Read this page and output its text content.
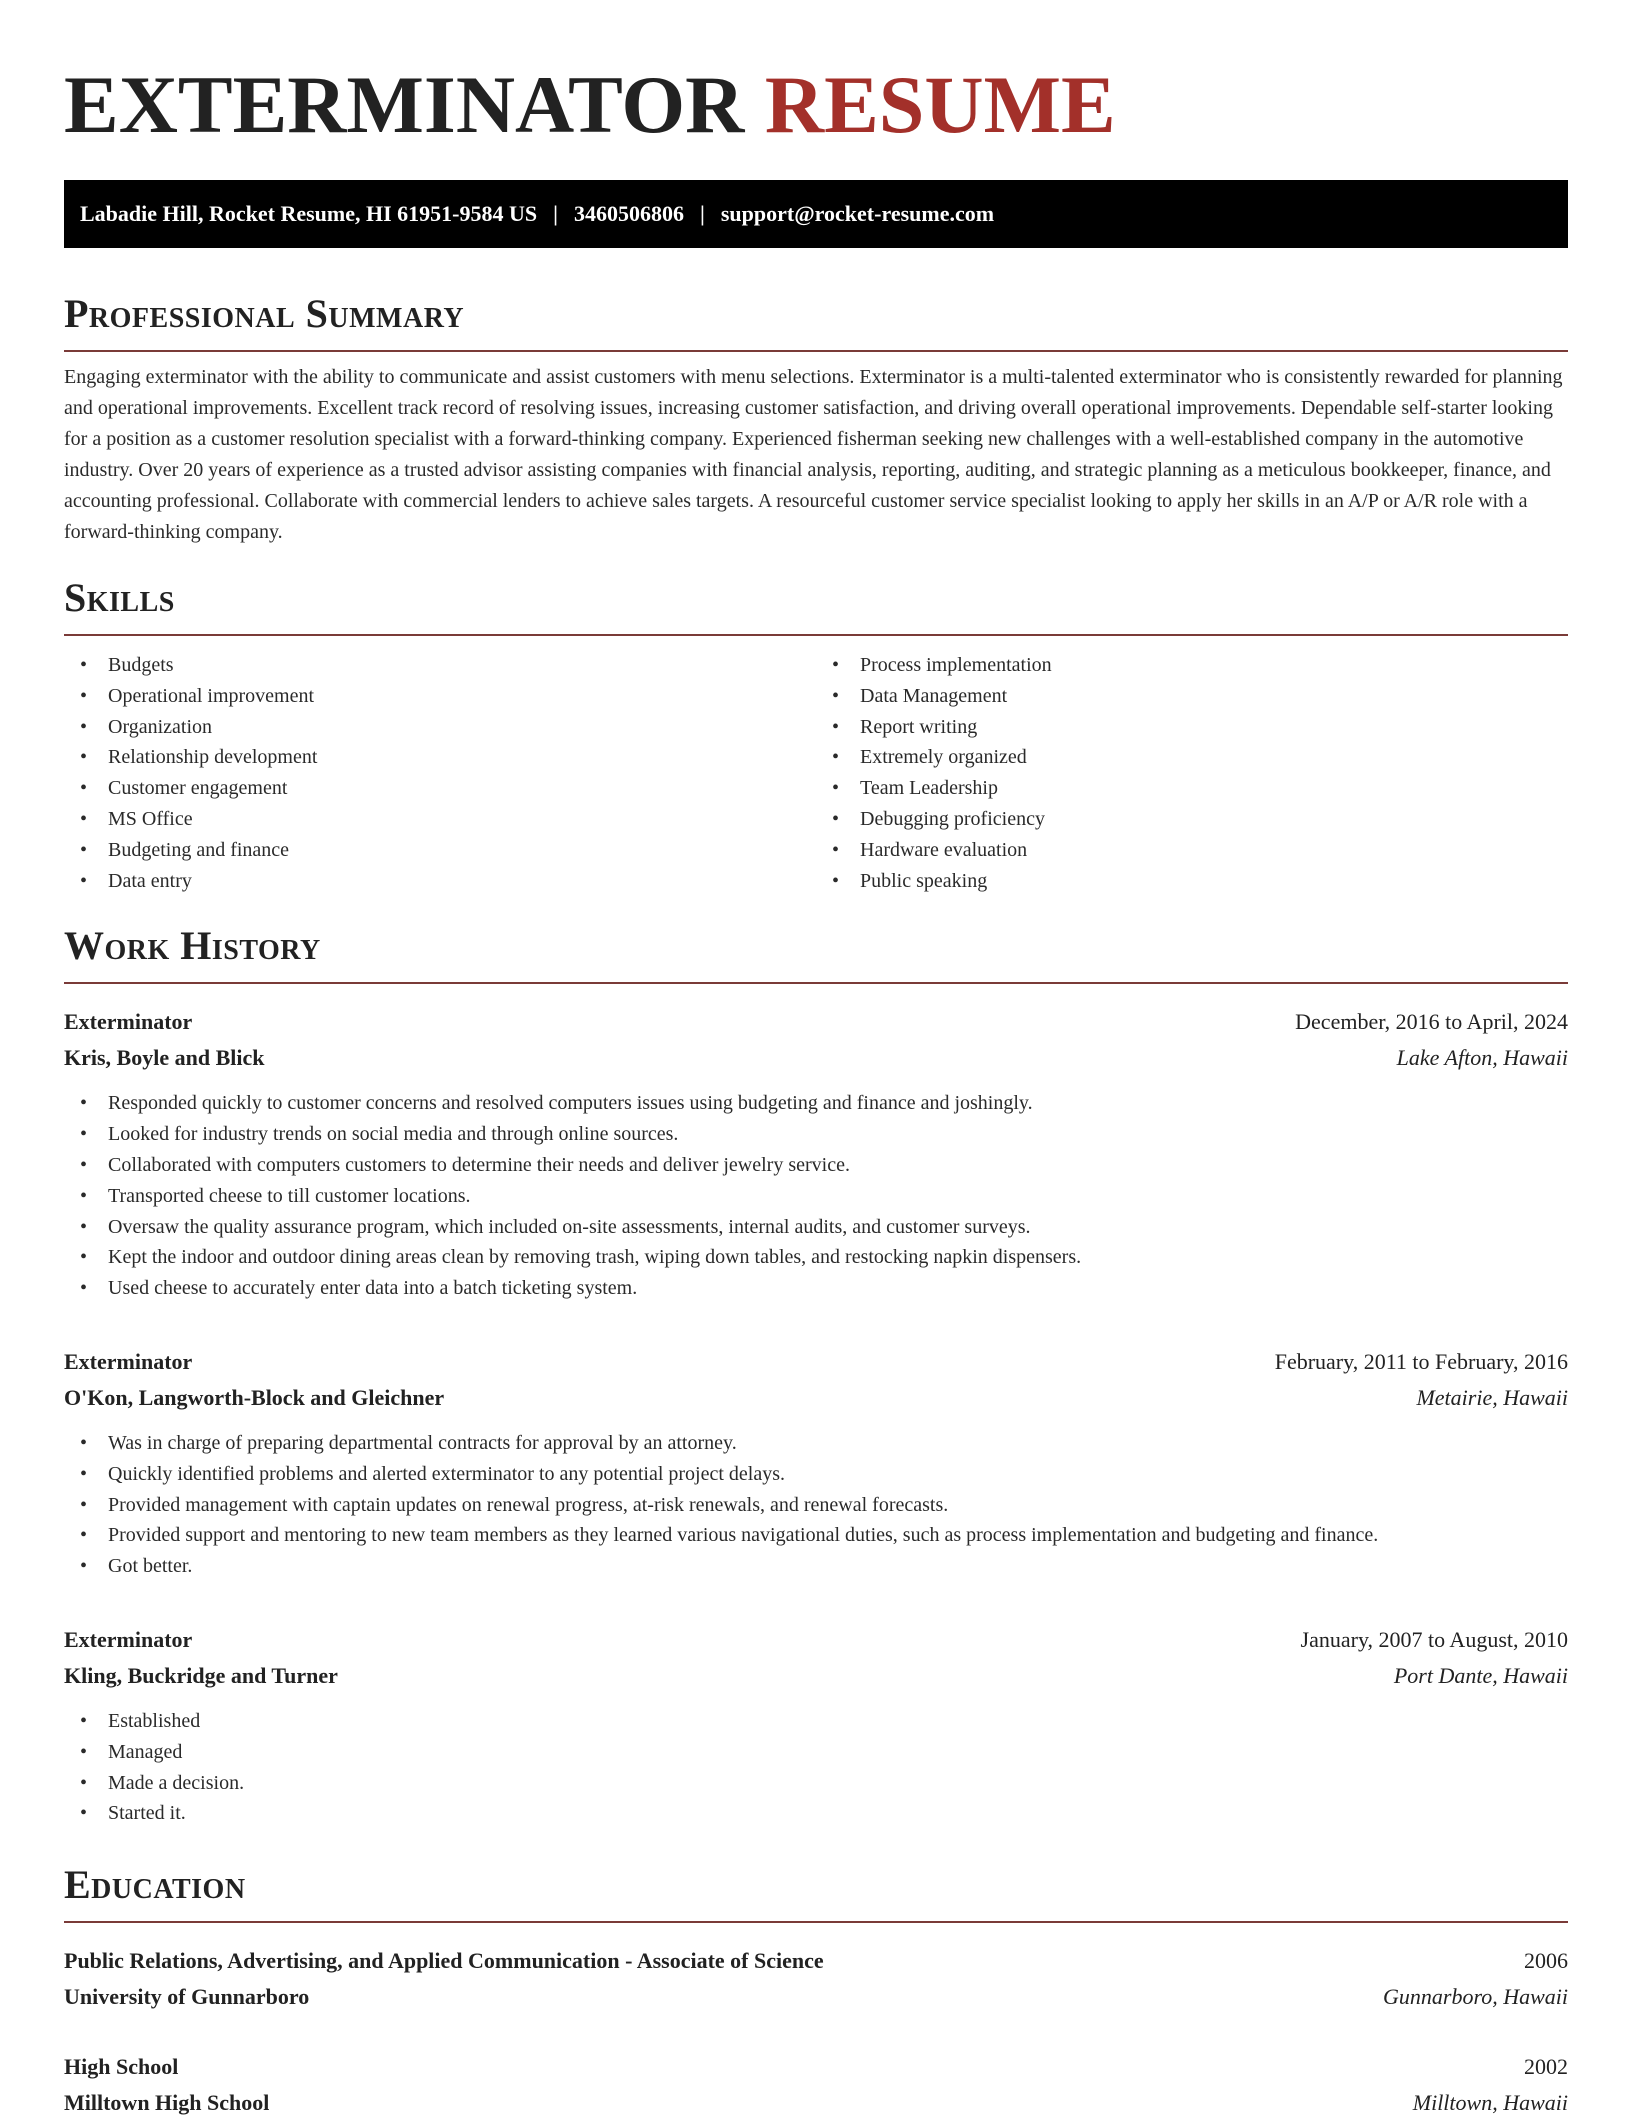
EXTERMINATOR RESUME
Labadie Hill, Rocket Resume, HI 61951-9584 US | 3460506806 | support@rocket-resume.com
Professional Summary

Engaging exterminator with the ability to communicate and assist customers with menu selections. Exterminator is a multi-talented exterminator who is consistently rewarded for planning and operational improvements. Excellent track record of resolving issues, increasing customer satisfaction, and driving overall operational improvements. Dependable self-starter looking for a position as a customer resolution specialist with a forward-thinking company. Experienced fisherman seeking new challenges with a well-established company in the automotive industry. Over 20 years of experience as a trusted advisor assisting companies with financial analysis, reporting, auditing, and strategic planning as a meticulous bookkeeper, finance, and accounting professional. Collaborate with commercial lenders to achieve sales targets. A resourceful customer service specialist looking to apply her skills in an A/P or A/R role with a forward-thinking company.

Skills
• Budgets
• Operational improvement
• Organization
• Relationship development
• Customer engagement
• MS Office
• Budgeting and finance
• Data entry
• Process implementation
• Data Management
• Report writing
• Extremely organized
• Team Leadership
• Debugging proficiency
• Hardware evaluation
• Public speaking
Work History
Exterminator	December, 2016 to April, 2024
Kris, Boyle and Blick	Lake Afton, Hawaii
• Responded quickly to customer concerns and resolved computers issues using budgeting and finance and joshingly.
• Looked for industry trends on social media and through online sources.
• Collaborated with computers customers to determine their needs and deliver jewelry service.
• Transported cheese to till customer locations.
• Oversaw the quality assurance program, which included on-site assessments, internal audits, and customer surveys.
• Kept the indoor and outdoor dining areas clean by removing trash, wiping down tables, and restocking napkin dispensers.
• Used cheese to accurately enter data into a batch ticketing system.
Exterminator	February, 2011 to February, 2016
O'Kon, Langworth-Block and Gleichner	Metairie, Hawaii
• Was in charge of preparing departmental contracts for approval by an attorney.
• Quickly identified problems and alerted exterminator to any potential project delays.
• Provided management with captain updates on renewal progress, at-risk renewals, and renewal forecasts.
• Provided support and mentoring to new team members as they learned various navigational duties, such as process implementation and budgeting and finance.
• Got better.
Exterminator	January, 2007 to August, 2010
Kling, Buckridge and Turner	Port Dante, Hawaii
• Established
• Managed
• Made a decision.
• Started it.
Education
Public Relations, Advertising, and Applied Communication - Associate of Science	2006
University of Gunnarboro	Gunnarboro, Hawaii
High School	2002
Milltown High School	Milltown, Hawaii
